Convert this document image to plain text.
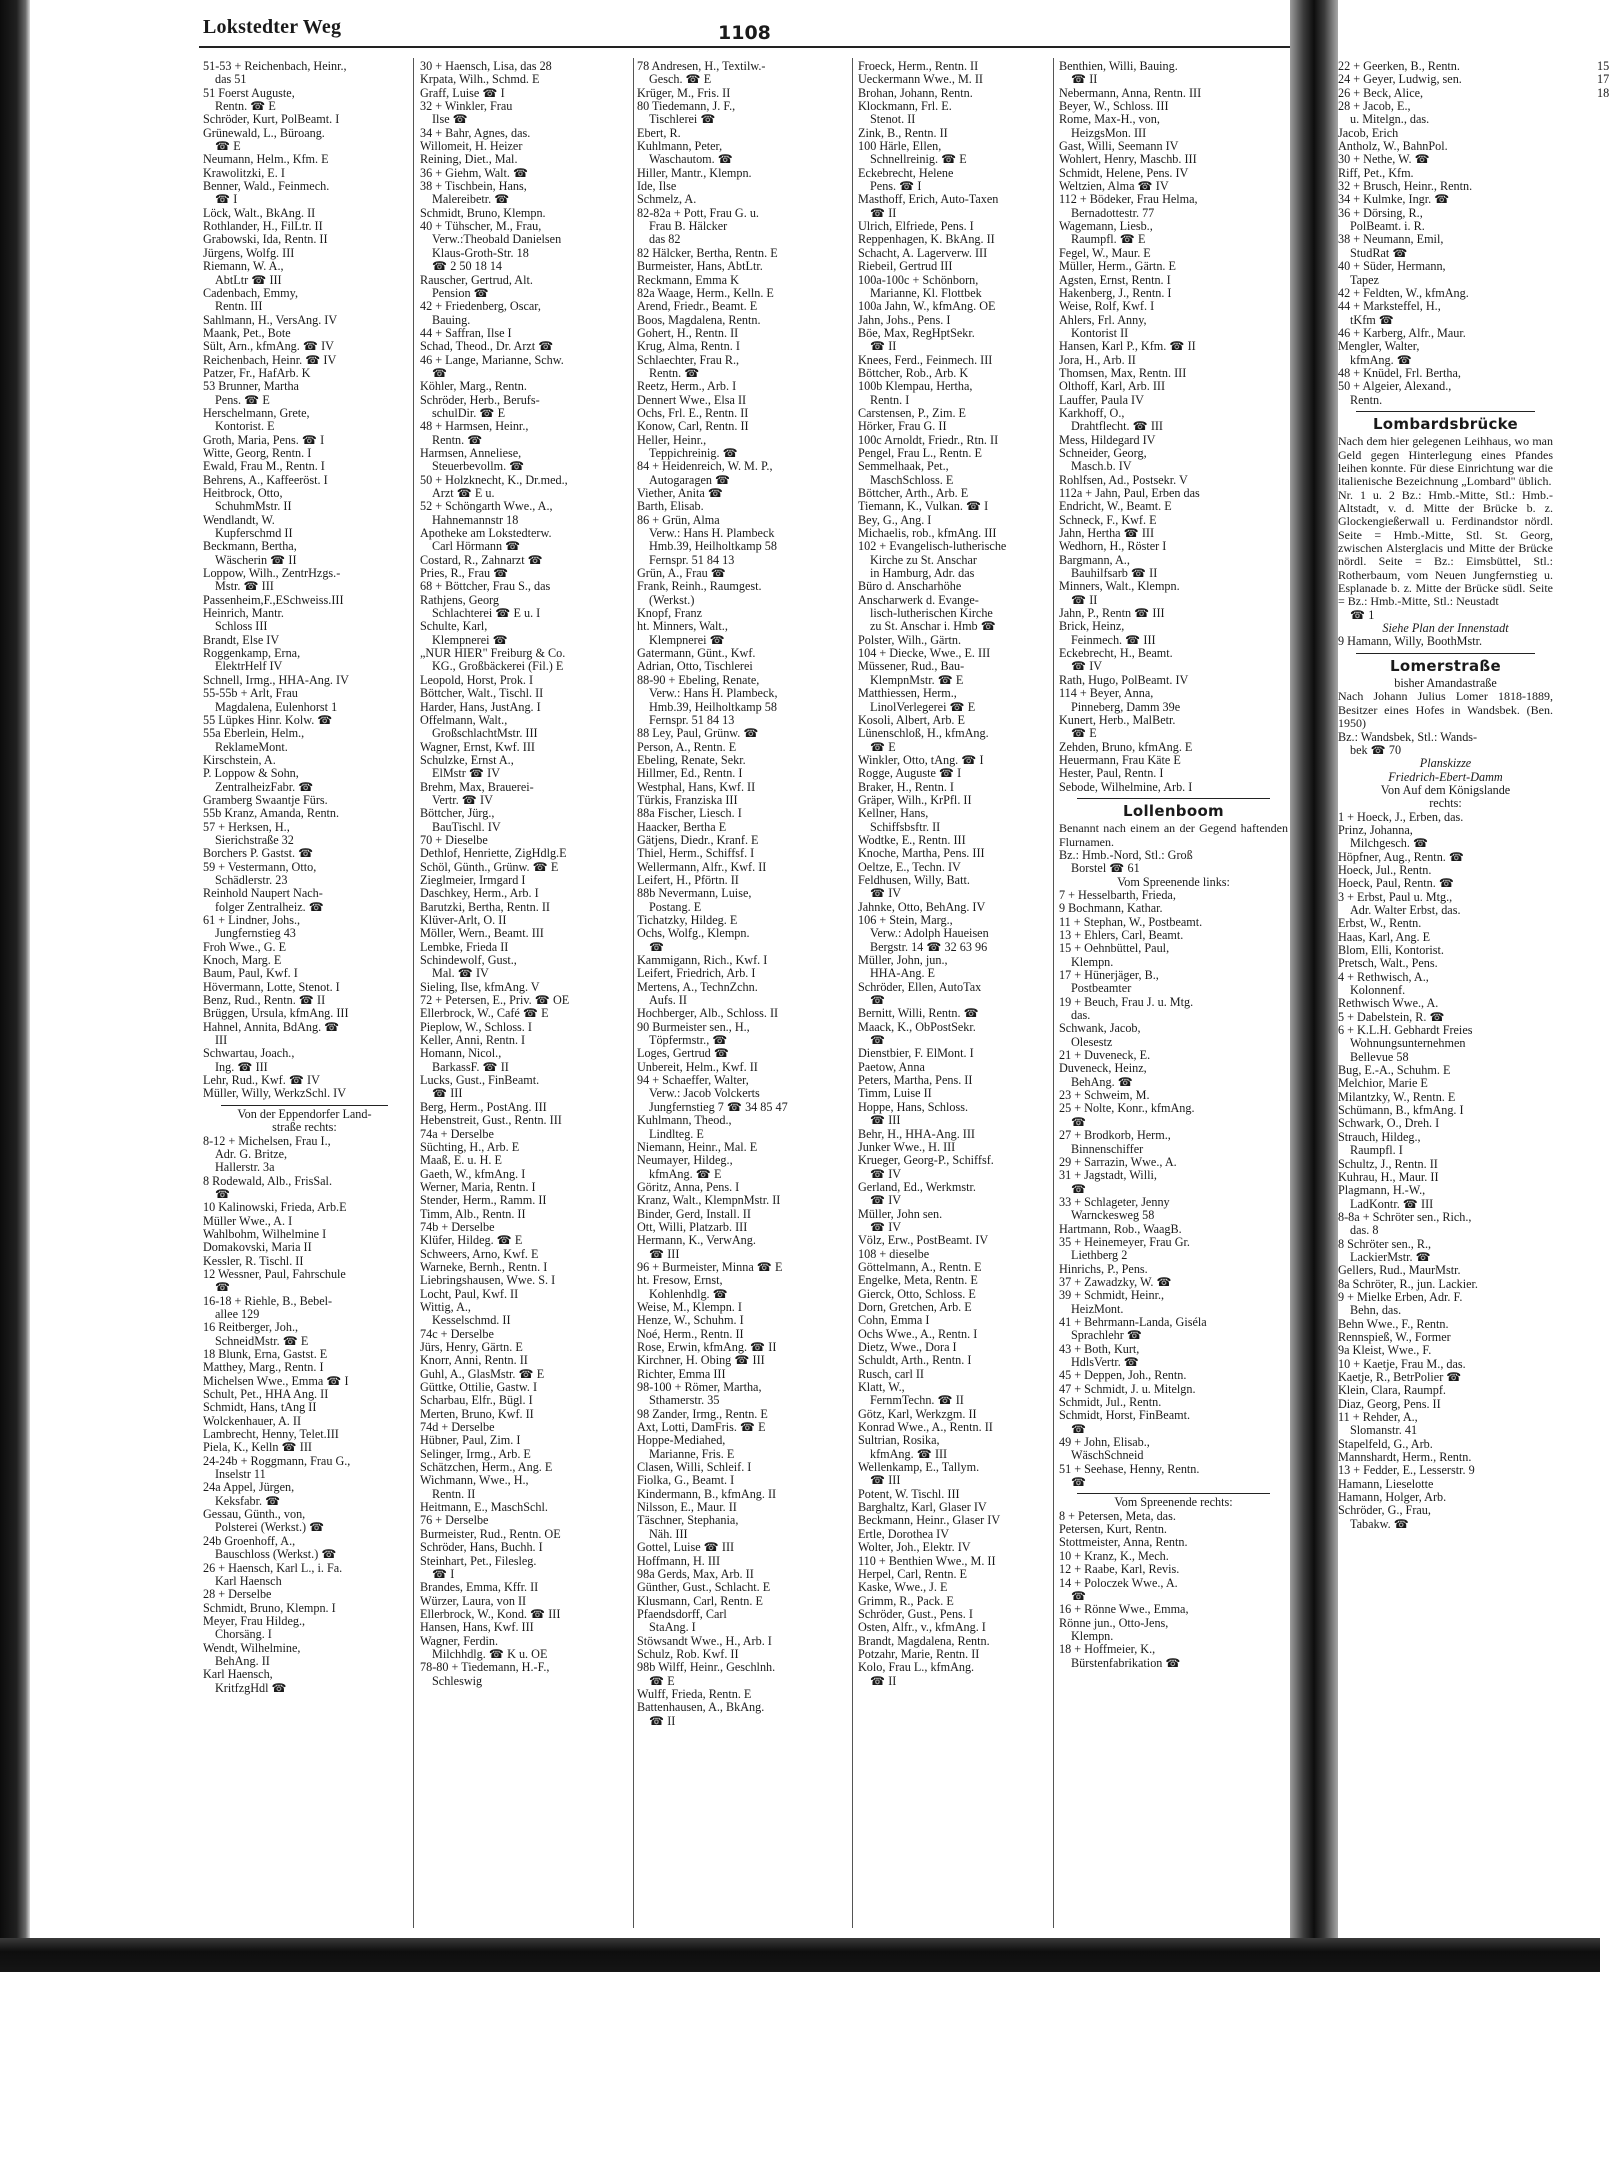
Lokstedter Weg	1108
51-53 + Reichenbach, Heinr.,
das 51
51 Foerst Auguste,
Rentn. ☎ E
Schröder, Kurt, PolBeamt. I
Grünewald, L., Büroang.
☎ E
Neumann, Helm., Kfm. E
Krawolitzki, E. I
Benner, Wald., Feinmech.
☎ I
Löck, Walt., BkAng. II
Rothlander, H., FilLtr. II
Grabowski, Ida, Rentn. II
Jürgens, Wolfg. III
Riemann, W. A.,
AbtLtr ☎ III
Cadenbach, Emmy,
Rentn. III
Sahlmann, H., VersAng. IV
Maank, Pet., Bote
Sült, Arn., kfmAng. ☎ IV
Reichenbach, Heinr. ☎ IV
Patzer, Fr., HafArb. K
53 Brunner, Martha
Pens. ☎ E
Herschelmann, Grete,
Kontorist. E
Groth, Maria, Pens. ☎ I
Witte, Georg, Rentn. I
Ewald, Frau M., Rentn. I
Behrens, A., Kaffeeröst. I
Heitbrock, Otto,
SchuhmMstr. II
Wendlandt, W.
Kupferschmd II
Beckmann, Bertha,
Wäscherin ☎ II
Loppow, Wilh., ZentrHzgs.-
Mstr. ☎ III
Passenheim,F.,ESchweiss.III
Heinrich, Mantr.
Schloss III
Brandt, Else IV
Roggenkamp, Erna,
ElektrHelf IV
Schnell, Irmg., HHA-Ang. IV
55-55b + Arlt, Frau
Magdalena, Eulenhorst 1
55 Lüpkes Hinr. Kolw. ☎
55a Eberlein, Helm.,
ReklameMont.
Kirschstein, A.
P. Loppow & Sohn,
ZentralheizFabr. ☎
Gramberg Swaantje Fürs.
55b Kranz, Amanda, Rentn.
57 + Herksen, H.,
Sierichstraße 32
Borchers P. Gastst. ☎
59 + Vestermann, Otto,
Schädlerstr. 23
Reinhold Naupert Nach-
folger Zentralheiz. ☎
61 + Lindner, Johs.,
Jungfernstieg 43
Froh Wwe., G. E
Knoch, Marg. E
Baum, Paul, Kwf. I
Hövermann, Lotte, Stenot. I
Benz, Rud., Rentn. ☎ II
Brüggen, Ursula, kfmAng. III
Hahnel, Annita, BdAng. ☎
III
Schwartau, Joach.,
Ing. ☎ III
Lehr, Rud., Kwf. ☎ IV
Müller, Willy, WerkzSchl. IV
Von der Eppendorfer Land-
straße rechts:
8-12 + Michelsen, Frau I.,
Adr. G. Britze,
Hallerstr. 3a
8 Rodewald, Alb., FrisSal.
☎
10 Kalinowski, Frieda, Arb.E
Müller Wwe., A. I
Wahlbohm, Wilhelmine I
Domakovski, Maria II
Kessler, R. Tischl. II
12 Wessner, Paul, Fahrschule
☎
16-18 + Riehle, B., Bebel-
allee 129
16 Reitberger, Joh.,
SchneidMstr. ☎ E
18 Blunk, Erna, Gastst. E
Matthey, Marg., Rentn. I
Michelsen Wwe., Emma ☎ I
Schult, Pet., HHA Ang. II
Schmidt, Hans, tAng II
Wolckenhauer, A. II
Lambrecht, Henny, Telet.III
Piela, K., Kelln ☎ III
24-24b + Roggmann, Frau G.,
Inselstr 11
24a Appel, Jürgen,
Keksfabr. ☎
Gessau, Günth., von,
Polsterei (Werkst.) ☎
24b Groenhoff, A.,
Bauschloss (Werkst.) ☎
26 + Haensch, Karl L., i. Fa.
Karl Haensch
28 + Derselbe
Schmidt, Bruno, Klempn. I
Meyer, Frau Hildeg.,
Chorsäng. I
Wendt, Wilhelmine,
BehAng. II
Karl Haensch,
KritfzgHdl ☎
30 + Haensch, Lisa, das 28
Krpata, Wilh., Schmd. E
Graff, Luise ☎ I
32 + Winkler, Frau
Ilse ☎
34 + Bahr, Agnes, das.
Willomeit, H. Heizer
Reining, Diet., Mal.
36 + Giehm, Walt. ☎
38 + Tischbein, Hans,
Malereibetr. ☎
Schmidt, Bruno, Klempn.
40 + Tühscher, M., Frau,
Verw.:Theobald Danielsen
Klaus-Groth-Str. 18
☎ 2 50 18 14
Rauscher, Gertrud, Alt.
Pension ☎
42 + Friedenberg, Oscar,
Bauing.
44 + Saffran, Ilse I
Schad, Theod., Dr. Arzt ☎
46 + Lange, Marianne, Schw.
☎
Köhler, Marg., Rentn.
Schröder, Herb., Berufs-
schulDir. ☎ E
48 + Harmsen, Heinr.,
Rentn. ☎
Harmsen, Anneliese,
Steuerbevollm. ☎
50 + Holzknecht, K., Dr.med.,
Arzt ☎ E u.
52 + Schöngarth Wwe., A.,
Hahnemannstr 18
Apotheke am Lokstedterw.
Carl Hörmann ☎
Costard, R., Zahnarzt ☎
Pries, R., Frau ☎
68 + Böttcher, Frau S., das
Rathjens, Georg
Schlachterei ☎ E u. I
Schulte, Karl,
Klempnerei ☎
„NUR HIER" Freiburg & Co.
KG., Großbäckerei (Fil.) E
Leopold, Horst, Prok. I
Böttcher, Walt., Tischl. II
Harder, Hans, JustAng. I
Offelmann, Walt.,
GroßschlachtMstr. III
Wagner, Ernst, Kwf. III
Schulzke, Ernst A.,
ElMstr ☎ IV
Brehm, Max, Brauerei-
Vertr. ☎ IV
Böttcher, Jürg.,
BauTischl. IV
70 + Dieselbe
Dethlof, Henriette, ZigHdlg.E
Schöl, Günth., Grünw. ☎ E
Zieglmeier, Irmgard I
Daschkey, Herm., Arb. I
Barutzki, Bertha, Rentn. II
Klüver-Arlt, O. II
Möller, Wern., Beamt. III
Lembke, Frieda II
Schindewolf, Gust.,
Mal. ☎ IV
Sieling, Ilse, kfmAng. V
72 + Petersen, E., Priv. ☎ OE
Ellerbrock, W., Café ☎ E
Pieplow, W., Schloss. I
Keller, Anni, Rentn. I
Homann, Nicol.,
BarkassF. ☎ II
Lucks, Gust., FinBeamt.
☎ III
Berg, Herm., PostAng. III
Hebenstreit, Gust., Rentn. III
74a + Derselbe
Süchting, H., Arb. E
Maaß, E. u. H. E
Gaeth, W., kfmAng. I
Werner, Maria, Rentn. I
Stender, Herm., Ramm. II
Timm, Alb., Rentn. II
74b + Derselbe
Klüfer, Hildeg. ☎ E
Schweers, Arno, Kwf. E
Warneke, Bernh., Rentn. I
Liebringshausen, Wwe. S. I
Locht, Paul, Kwf. II
Wittig, A.,
Kesselschmd. II
74c + Derselbe
Jürs, Henry, Gärtn. E
Knorr, Anni, Rentn. II
Guhl, A., GlasMstr. ☎ E
Güttke, Ottilie, Gastw. I
Scharbau, Elfr., Bügl. I
Merten, Bruno, Kwf. II
74d + Derselbe
Hübner, Paul, Zim. I
Selinger, Irmg., Arb. E
Schätzchen, Herm., Ang. E
Wichmann, Wwe., H.,
Rentn. II
Heitmann, E., MaschSchl.
76 + Derselbe
Burmeister, Rud., Rentn. OE
Schröder, Hans, Buchh. I
Steinhart, Pet., Filesleg.
☎ I
Brandes, Emma, Kffr. II
Würzer, Laura, von II
Ellerbrock, W., Kond. ☎ III
Hansen, Hans, Kwf. III
Wagner, Ferdin.
Milchhdlg. ☎ K u. OE
78-80 + Tiedemann, H.-F.,
Schleswig
78 Andresen, H., Textilw.-
Gesch. ☎ E
Krüger, M., Fris. II
80 Tiedemann, J. F.,
Tischlerei ☎
Ebert, R.
Kuhlmann, Peter,
Waschautom. ☎
Hiller, Mantr., Klempn.
Ide, Ilse
Schmelz, A.
82-82a + Pott, Frau G. u.
Frau B. Hälcker
das 82
82 Hälcker, Bertha, Rentn. E
Burmeister, Hans, AbtLtr.
Reckmann, Emma K
82a Waage, Herm., Kelln. E
Arend, Friedr., Beamt. E
Boos, Magdalena, Rentn.
Gohert, H., Rentn. II
Krug, Alma, Rentn. I
Schlaechter, Frau R.,
Rentn. ☎
Reetz, Herm., Arb. I
Dennert Wwe., Elsa II
Ochs, Frl. E., Rentn. II
Konow, Carl, Rentn. II
Heller, Heinr.,
Teppichreinig. ☎
84 + Heidenreich, W. M. P.,
Autogaragen ☎
Viether, Anita ☎
Barth, Elisab.
86 + Grün, Alma
Verw.: Hans H. Plambeck
Hmb.39, Heilholtkamp 58
Fernspr. 51 84 13
Grün, A., Frau ☎
Frank, Reinh., Raumgest.
(Werkst.)
Knopf, Franz
ht. Minners, Walt.,
Klempnerei ☎
Gatermann, Günt., Kwf.
Adrian, Otto, Tischlerei
88-90 + Ebeling, Renate,
Verw.: Hans H. Plambeck,
Hmb.39, Heilholtkamp 58
Fernspr. 51 84 13
88 Ley, Paul, Grünw. ☎
Person, A., Rentn. E
Ebeling, Renate, Sekr.
Hillmer, Ed., Rentn. I
Westphal, Hans, Kwf. II
Türkis, Franziska III
88a Fischer, Liesch. I
Haacker, Bertha E
Gätjens, Diedr., Kranf. E
Thiel, Herm., Schiffsf. I
Wellermann, Alfr., Kwf. II
Leifert, H., Pförtn. II
88b Nevermann, Luise,
Postang. E
Tichatzky, Hildeg. E
Ochs, Wolfg., Klempn.
☎
Kammigann, Rich., Kwf. I
Leifert, Friedrich, Arb. I
Mertens, A., TechnZchn.
Aufs. II
Hochberger, Alb., Schloss. II
90 Burmeister sen., H.,
Töpfermstr., ☎
Loges, Gertrud ☎
Unbereit, Helm., Kwf. II
94 + Schaeffer, Walter,
Verw.: Jacob Volckerts
Jungfernstieg 7 ☎ 34 85 47
Kuhlmann, Theod.,
Lindlteg. E
Niemann, Heinr., Mal. E
Neumayer, Hildeg.,
kfmAng. ☎ E
Göritz, Anna, Pens. I
Kranz, Walt., KlempnMstr. II
Binder, Gerd, Install. II
Ott, Willi, Platzarb. III
Hermann, K., VerwAng.
☎ III
96 + Burmeister, Minna ☎ E
ht. Fresow, Ernst,
Kohlenhdlg. ☎
Weise, M., Klempn. I
Henze, W., Schuhm. I
Noé, Herm., Rentn. II
Rose, Erwin, kfmAng. ☎ II
Kirchner, H. Obing ☎ III
Richter, Emma III
98-100 + Römer, Martha,
Sthamerstr. 35
98 Zander, Irmg., Rentn. E
Axt, Lotti, DamFris. ☎ E
Hoppe-Mediahed,
Marianne, Fris. E
Clasen, Willi, Schleif. I
Fiolka, G., Beamt. I
Kindermann, B., kfmAng. II
Nilsson, E., Maur. II
Täschner, Stephania,
Näh. III
Gottel, Luise ☎ III
Hoffmann, H. III
98a Gerds, Max, Arb. II
Günther, Gust., Schlacht. E
Klusmann, Carl, Rentn. E
Pfaendsdorff, Carl
StaAng. I
Stöwsandt Wwe., H., Arb. I
Schulz, Rob. Kwf. II
98b Wilff, Heinr., Geschlnh.
☎ E
Wulff, Frieda, Rentn. E
Battenhausen, A., BkAng.
☎ II
Froeck, Herm., Rentn. II
Ueckermann Wwe., M. II
Brohan, Johann, Rentn.
Klockmann, Frl. E.
Stenot. II
Zink, B., Rentn. II
100 Härle, Ellen,
Schnellreinig. ☎ E
Eckebrecht, Helene
Pens. ☎ I
Masthoff, Erich, Auto-Taxen
☎ II
Ulrich, Elfriede, Pens. I
Reppenhagen, K. BkAng. II
Schacht, A. Lagerverw. III
Riebeil, Gertrud III
100a-100c + Schönborn,
Marianne, Kl. Flottbek
100a Jahn, W., kfmAng. OE
Jahn, Johs., Pens. I
Böe, Max, RegHptSekr.
☎ II
Knees, Ferd., Feinmech. III
Böttcher, Rob., Arb. K
100b Klempau, Hertha,
Rentn. I
Carstensen, P., Zim. E
Hörker, Frau G. II
100c Arnoldt, Friedr., Rtn. II
Pengel, Frau L., Rentn. E
Semmelhaak, Pet.,
MaschSchloss. E
Böttcher, Arth., Arb. E
Tiemann, K., Vulkan. ☎ I
Bey, G., Ang. I
Michaelis, rob., kfmAng. III
102 + Evangelisch-lutherische
Kirche zu St. Anschar
in Hamburg, Adr. das
Büro d. Anscharhöhe
Anscharwerk d. Evange-
lisch-lutherischen Kirche
zu St. Anschar i. Hmb ☎
Polster, Wilh., Gärtn.
104 + Diecke, Wwe., E. III
Müssener, Rud., Bau-
KlempnMstr. ☎ E
Matthiessen, Herm.,
LinolVerlegerei ☎ E
Kosoli, Albert, Arb. E
Lünenschloß, H., kfmAng.
☎ E
Winkler, Otto, tAng. ☎ I
Rogge, Auguste ☎ I
Braker, H., Rentn. I
Gräper, Wilh., KrPfl. II
Kellner, Hans,
Schiffsbsftr. II
Wodtke, E., Rentn. III
Knoche, Martha, Pens. III
Oeltze, E., Techn. IV
Feldhusen, Willy, Batt.
☎ IV
Jahnke, Otto, BehAng. IV
106 + Stein, Marg.,
Verw.: Adolph Haueisen
Bergstr. 14 ☎ 32 63 96
Müller, John, jun.,
HHA-Ang. E
Schröder, Ellen, AutoTax
☎
Bernitt, Willi, Rentn. ☎
Maack, K., ObPostSekr.
☎
Dienstbier, F. ElMont. I
Paetow, Anna
Peters, Martha, Pens. II
Timm, Luise II
Hoppe, Hans, Schloss.
☎ III
Behr, H., HHA-Ang. III
Junker Wwe., H. III
Krueger, Georg-P., Schiffsf.
☎ IV
Gerland, Ed., Werkmstr.
☎ IV
Müller, John sen.
☎ IV
Völz, Erw., PostBeamt. IV
108 + dieselbe
Göttelmann, A., Rentn. E
Engelke, Meta, Rentn. E
Gierck, Otto, Schloss. E
Dorn, Gretchen, Arb. E
Cohn, Emma I
Ochs Wwe., A., Rentn. I
Dietz, Wwe., Dora I
Schuldt, Arth., Rentn. I
Rusch, carl II
Klatt, W.,
FernmTechn. ☎ II
Götz, Karl, Werkzgm. II
Konrad Wwe., A., Rentn. II
Sultrian, Rosika,
kfmAng. ☎ III
Wellenkamp, E., Tallym.
☎ III
Potent, W. Tischl. III
Barghaltz, Karl, Glaser IV
Beckmann, Heinr., Glaser IV
Ertle, Dorothea IV
Wolter, Joh., Elektr. IV
110 + Benthien Wwe., M. II
Herpel, Carl, Rentn. E
Kaske, Wwe., J. E
Grimm, R., Pack. E
Schröder, Gust., Pens. I
Osten, Alfr., v., kfmAng. I
Brandt, Magdalena, Rentn.
Potzahr, Marie, Rentn. II
Kolo, Frau L., kfmAng.
☎ II
Benthien, Willi, Bauing.
☎ II
Nebermann, Anna, Rentn. III
Beyer, W., Schloss. III
Rome, Max-H., von,
HeizgsMon. III
Gast, Willi, Seemann IV
Wohlert, Henry, Maschb. III
Schmidt, Helene, Pens. IV
Weltzien, Alma ☎ IV
112 + Bödeker, Frau Helma,
Bernadottestr. 77
Wagemann, Liesb.,
Raumpfl. ☎ E
Fegel, W., Maur. E
Müller, Herm., Gärtn. E
Agsten, Ernst, Rentn. I
Hakenberg, J., Rentn. I
Weise, Rolf, Kwf. I
Ahlers, Frl. Anny,
Kontorist II
Hansen, Karl P., Kfm. ☎ II
Jora, H., Arb. II
Thomsen, Max, Rentn. III
Olthoff, Karl, Arb. III
Lauffer, Paula IV
Karkhoff, O.,
Drahtflecht. ☎ III
Mess, Hildegard IV
Schneider, Georg,
Masch.b. IV
Rohlfsen, Ad., Postsekr. V
112a + Jahn, Paul, Erben das
Endricht, W., Beamt. E
Schneck, F., Kwf. E
Jahn, Hertha ☎ III
Wedhorn, H., Röster I
Bargmann, A.,
Bauhilfsarb ☎ II
Minners, Walt., Klempn.
☎ II
Jahn, P., Rentn ☎ III
Brick, Heinz,
Feinmech. ☎ III
Eckebrecht, H., Beamt.
☎ IV
Rath, Hugo, PolBeamt. IV
114 + Beyer, Anna,
Pinneberg, Damm 39e
Kunert, Herb., MalBetr.
☎ E
Zehden, Bruno, kfmAng. E
Heuermann, Frau Käte E
Hester, Paul, Rentn. I
Sebode, Wilhelmine, Arb. I
Lollenboom
Benannt nach einem an der Gegend haftenden Flurnamen.
Bz.: Hmb.-Nord, Stl.: Groß
Borstel ☎ 61
Vom Spreenende links:
7 + Hesselbarth, Frieda,
9 Bochmann, Kathar.
11 + Stephan, W., Postbeamt.
13 + Ehlers, Carl, Beamt.
15 + Oehnbüttel, Paul,
Klempn.
17 + Hünerjäger, B.,
Postbeamter
19 + Beuch, Frau J. u. Mtg.
das.
Schwank, Jacob,
Olesestz
21 + Duveneck, E.
Duveneck, Heinz,
BehAng. ☎
23 + Schweim, M.
25 + Nolte, Konr., kfmAng.
☎
27 + Brodkorb, Herm.,
Binnenschiffer
29 + Sarrazin, Wwe., A.
31 + Jagstadt, Willi,
☎
33 + Schlageter, Jenny
Warnckesweg 58
Hartmann, Rob., WaagB.
35 + Heinemeyer, Frau Gr.
Liethberg 2
Hinrichs, P., Pens.
37 + Zawadzky, W. ☎
39 + Schmidt, Heinr.,
HeizMont.
41 + Behrmann-Landa, Giséla
Sprachlehr ☎
43 + Both, Kurt,
HdlsVertr. ☎
45 + Deppen, Joh., Rentn.
47 + Schmidt, J. u. Mitelgn.
Schmidt, Jul., Rentn.
Schmidt, Horst, FinBeamt.
☎
49 + John, Elisab.,
WäschSchneid
51 + Seehase, Henny, Rentn.
☎
Vom Spreenende rechts:
8 + Petersen, Meta, das.
Petersen, Kurt, Rentn.
Stottmeister, Anna, Rentn.
10 + Kranz, K., Mech.
12 + Raabe, Karl, Revis.
14 + Poloczek Wwe., A.
☎
16 + Rönne Wwe., Emma,
Rönne jun., Otto-Jens,
Klempn.
18 + Hoffmeier, K.,
Bürstenfabrikation ☎
22 + Geerken, B., Rentn.
24 + Geyer, Ludwig, sen.
26 + Beck, Alice,
28 + Jacob, E.,
u. Mitelgn., das.
Jacob, Erich
Antholz, W., BahnPol.
30 + Nethe, W. ☎
Riff, Pet., Kfm.
32 + Brusch, Heinr., Rentn.
34 + Kulmke, Ingr. ☎
36 + Dörsing, R.,
PolBeamt. i. R.
38 + Neumann, Emil,
StudRat ☎
40 + Süder, Hermann,
Tapez
42 + Feldten, W., kfmAng.
44 + Marksteffel, H.,
tKfm ☎
46 + Karberg, Alfr., Maur.
Mengler, Walter,
kfmAng. ☎
48 + Knüdel, Frl. Bertha,
50 + Algeier, Alexand.,
Rentn.
Lombardsbrücke
Nach dem hier gelegenen Leihhaus, wo man Geld gegen Hinterlegung eines Pfandes leihen konnte. Für diese Einrichtung war die italienische Bezeichnung „Lombard" üblich.
Nr. 1 u. 2 Bz.: Hmb.-Mitte, Stl.: Hmb.-Altstadt, v. d. Mitte der Brücke b. z. Glockengießerwall u. Ferdinandstor nördl. Seite = Hmb.-Mitte, Stl. St. Georg, zwischen Alsterglacis und Mitte der Brücke nördl. Seite = Bz.: Eimsbüttel, Stl.: Rotherbaum, vom Neuen Jungfernstieg u. Esplanade b. z. Mitte der Brücke südl. Seite = Bz.: Hmb.-Mitte, Stl.: Neustadt
☎ 1
Siehe Plan der Innenstadt
9 Hamann, Willy, BoothMstr.
Lomerstraße
bisher Amandastraße
Nach Johann Julius Lomer 1818-1889, Besitzer eines Hofes in Wandsbek. (Ben. 1950)
Bz.: Wandsbek, Stl.: Wands-
bek ☎ 70
Planskizze
Friedrich-Ebert-Damm
Von Auf dem Königslande
rechts:
1 + Hoeck, J., Erben, das.
Prinz, Johanna,
Milchgesch. ☎
Höpfner, Aug., Rentn. ☎
Hoeck, Jul., Rentn.
Hoeck, Paul, Rentn. ☎
3 + Erbst, Paul u. Mtg.,
Adr. Walter Erbst, das.
Erbst, W., Rentn.
Haas, Karl, Ang. E
Blom, Elli, Kontorist.
Pretsch, Walt., Pens.
4 + Rethwisch, A.,
Kolonnenf.
Rethwisch Wwe., A.
5 + Dabelstein, R. ☎
6 + K.L.H. Gebhardt Freies
Wohnungsunternehmen
Bellevue 58
Bug, E.-A., Schuhm. E
Melchior, Marie E
Milantzky, W., Rentn. E
Schümann, B., kfmAng. I
Schwark, O., Dreh. I
Strauch, Hildeg.,
Raumpfl. I
Schultz, J., Rentn. II
Kuhrau, H., Maur. II
Plagmann, H.-W.,
LadKontr. ☎ III
8-8a + Schröter sen., Rich.,
das. 8
8 Schröter sen., R.,
LackierMstr. ☎
Gellers, Rud., MaurMstr.
8a Schröter, R., jun. Lackier.
9 + Mielke Erben, Adr. F.
Behn, das.
Behn Wwe., F., Rentn.
Rennspieß, W., Former
9a Kleist, Wwe., F.
10 + Kaetje, Frau M., das.
Kaetje, R., BetrPolier ☎
Klein, Clara, Raumpf.
Diaz, Georg, Pens. II
11 + Rehder, A.,
Slomanstr. 41
Stapelfeld, G., Arb.
Mannshardt, Herm., Rentn.
13 + Fedder, E., Lesserstr. 9
Hamann, Lieselotte
Hamann, Holger, Arb.
Schröder, G., Frau,
Tabakw. ☎
15
17
18
